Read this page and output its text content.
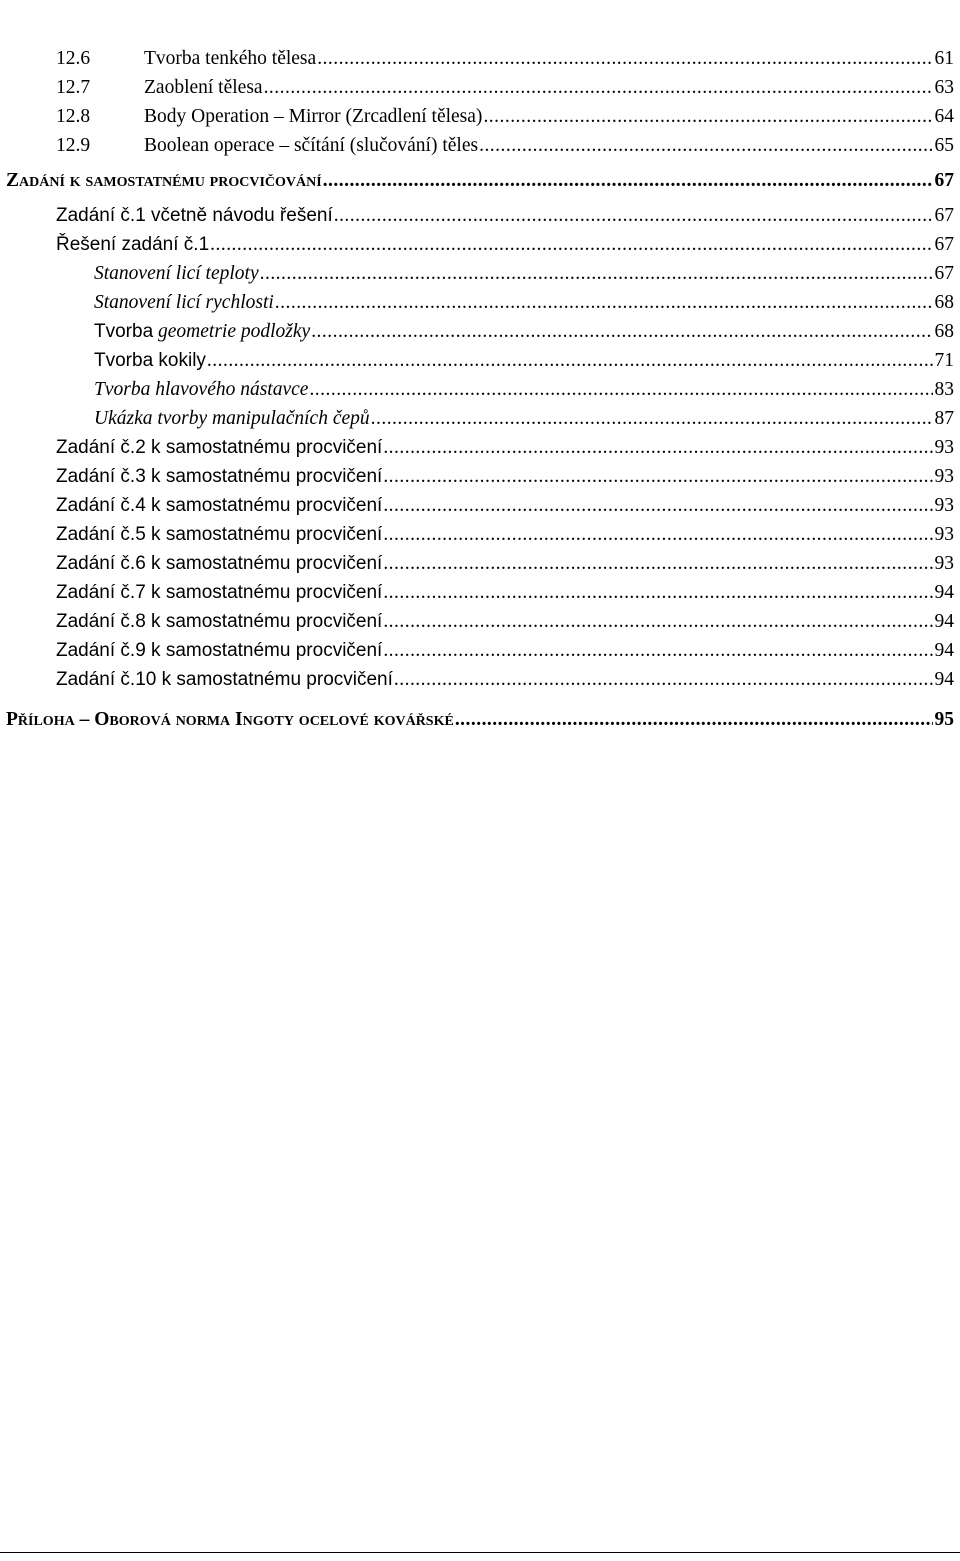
12.6	Tvorba tenkého tělesa . . .	61
12.7	Zaoblení tělesa . . .	63
12.8	Body Operation – Mirror (Zrcadlení tělesa) . . .	64
12.9	Boolean operace – sčítání (slučování) těles . . .	65
Zadání k samostatnému procvičování . . .	67
Zadání č.1 včetně návodu řešení . . .	67
Řešení zadání č.1 . . .	67
Stanovení licí teploty . . .	67
Stanovení licí rychlosti . . .	68
Tvorba geometrie podložky . . .	68
Tvorba kokily . . .	71
Tvorba hlavového nástavce . . .	83
Ukázka tvorby manipulačních čepů . . .	87
Zadání č.2 k samostatnému procvičení . . .	93
Zadání č.3 k samostatnému procvičení . . .	93
Zadání č.4 k samostatnému procvičení . . .	93
Zadání č.5 k samostatnému procvičení . . .	93
Zadání č.6 k samostatnému procvičení . . .	93
Zadání č.7 k samostatnému procvičení . . .	94
Zadání č.8 k samostatnému procvičení . . .	94
Zadání č.9 k samostatnému procvičení . . .	94
Zadání č.10 k samostatnému procvičení . . .	94
Příloha – Oborová norma Ingoty ocelové kovářské . . .	95
